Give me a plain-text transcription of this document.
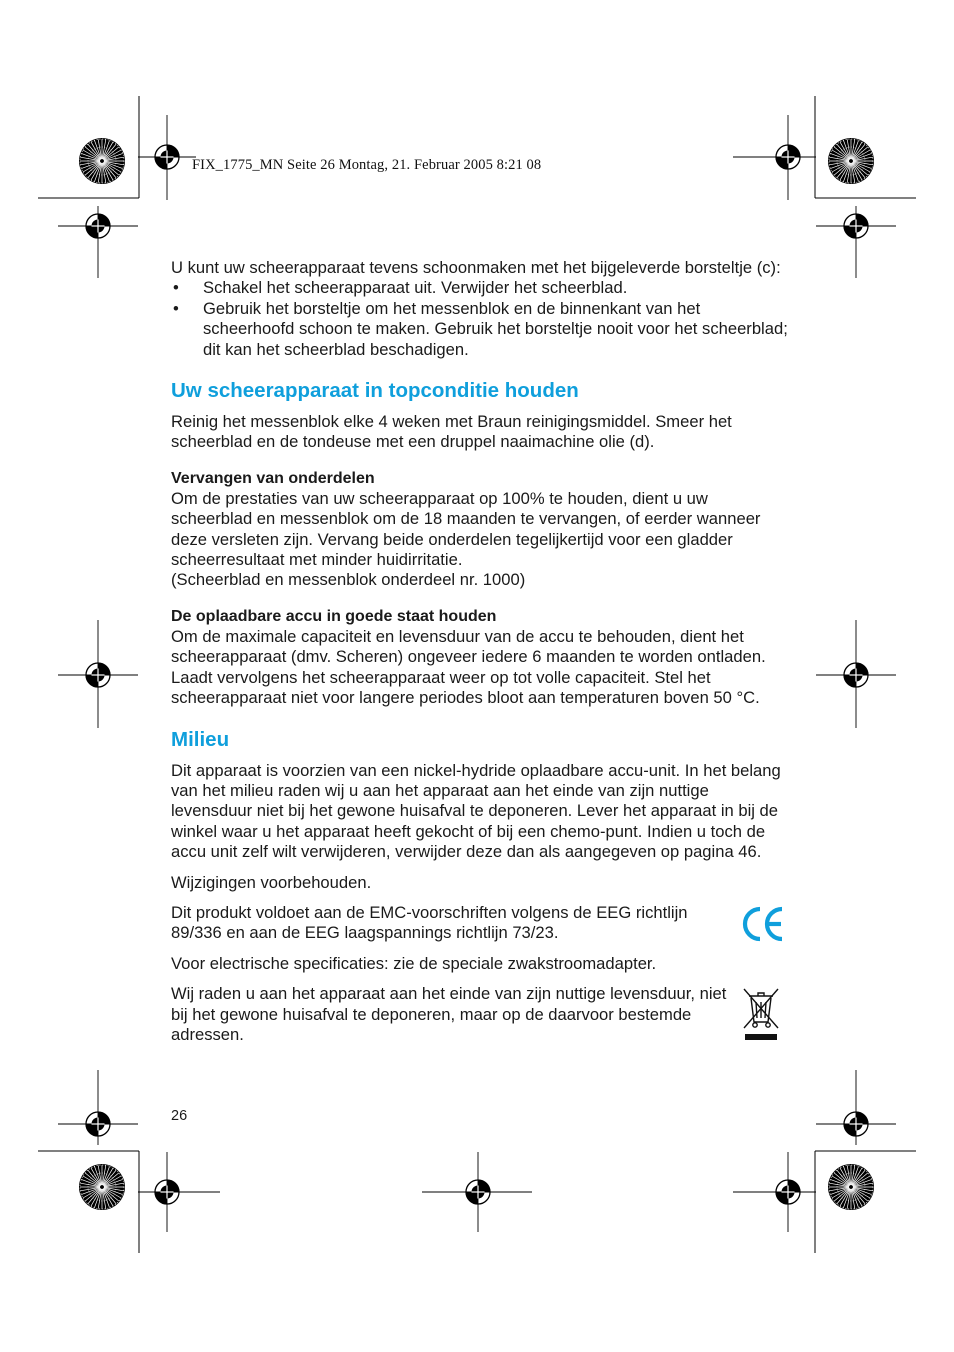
FIX_1775_MN Seite 26 Montag, 21. Februar 2005 8:21 08

U kunt uw scheerapparaat tevens schoonmaken met het bijgeleverde borsteltje (c):

• Schakel het scheerapparaat uit. Verwijder het scheerblad.
• Gebruik het borsteltje om het messenblok en de binnenkant van het scheerhoofd schoon te maken. Gebruik het borsteltje nooit voor het scheerblad; dit kan het scheerblad beschadigen.
Uw scheerapparaat in topconditie houden

Reinig het messenblok elke 4 weken met Braun reinigingsmiddel. Smeer het scheerblad en de tondeuse met een druppel naaimachine olie (d).

Vervangen van onderdelen

Om de prestaties van uw scheerapparaat op 100% te houden, dient u uw scheerblad en messenblok om de 18 maanden te vervangen, of eerder wanneer deze versleten zijn. Vervang beide onderdelen tegelijkertijd voor een gladder scheerresultaat met minder huidirritatie.

(Scheerblad en messenblok onderdeel nr. 1000)

De oplaadbare accu in goede staat houden

Om de maximale capaciteit en levensduur van de accu te behouden, dient het scheerapparaat (dmv. Scheren) ongeveer iedere 6 maanden te worden ontladen. Laadt vervolgens het scheerapparaat weer op tot volle capaciteit. Stel het scheerapparaat niet voor langere periodes bloot aan temperaturen boven 50 °C.

Milieu

Dit apparaat is voorzien van een nickel-hydride oplaadbare accu-unit. In het belang van het milieu raden wij u aan het apparaat aan het einde van zijn nuttige levensduur niet bij het gewone huisafval te deponeren. Lever het apparaat in bij de winkel waar u het apparaat heeft gekocht of bij een chemo-punt. Indien u toch de accu unit zelf wilt verwijderen, verwijder deze dan als aangegeven op pagina 46.

Wijzigingen voorbehouden.

Dit produkt voldoet aan de EMC-voorschriften volgens de EEG richtlijn 89/336 en aan de EEG laagspannings richtlijn 73/23.

Voor electrische specificaties: zie de speciale zwakstroomadapter.

Wij raden u aan het apparaat aan het einde van zijn nuttige levensduur, niet bij het gewone huisafval te deponeren, maar op de daarvoor bestemde adressen.

26
